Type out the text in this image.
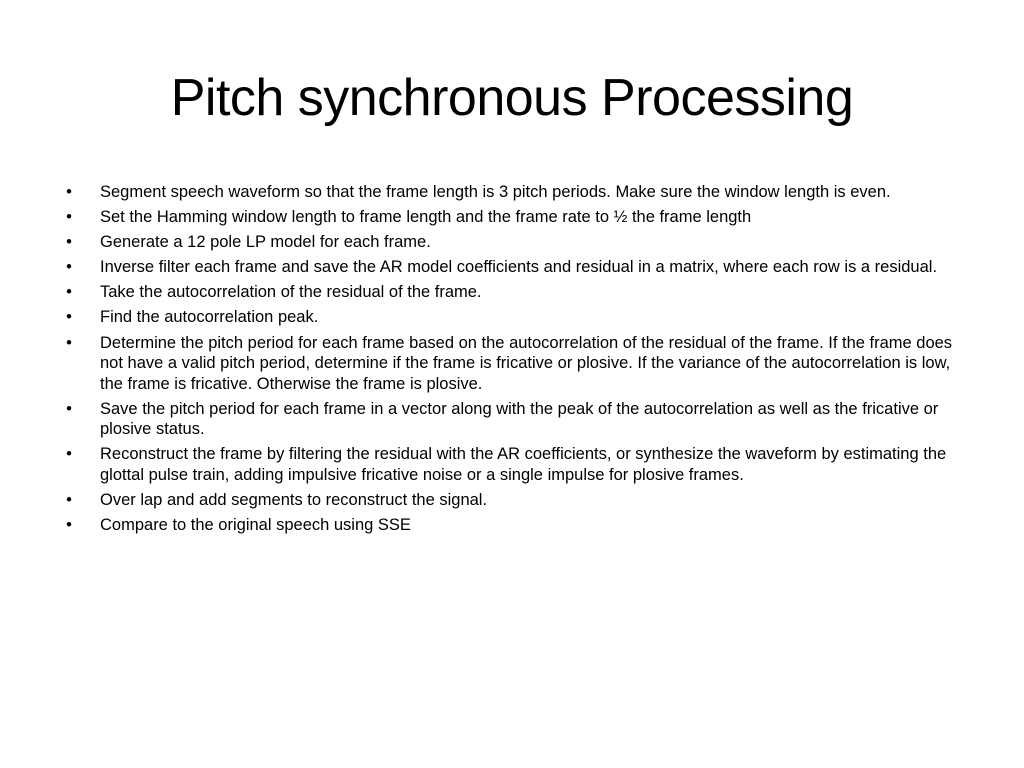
Pitch synchronous Processing
• Segment speech waveform so that the frame length is 3 pitch periods. Make sure the window length is even.
• Set the Hamming window length to frame length and the frame rate to ½ the frame length
• Generate a 12 pole LP model for each frame.
• Inverse filter each frame and save the AR model coefficients and residual in a matrix, where each row is a residual.
• Take the autocorrelation of the residual of the frame.
• Find the autocorrelation peak.
• Determine the pitch period for each frame based on the autocorrelation of the residual of the frame. If the frame does not have a valid pitch period, determine if the frame is fricative or plosive. If the variance of the autocorrelation is low, the frame is fricative. Otherwise the frame is plosive.
• Save the pitch period for each frame in a vector along with the peak of the autocorrelation as well as the fricative or plosive status.
• Reconstruct the frame by filtering the residual with the AR coefficients, or synthesize the waveform by estimating the glottal pulse train, adding impulsive fricative noise or a single impulse for plosive frames.
• Over lap and add segments to reconstruct the signal.
• Compare to the original speech using SSE
